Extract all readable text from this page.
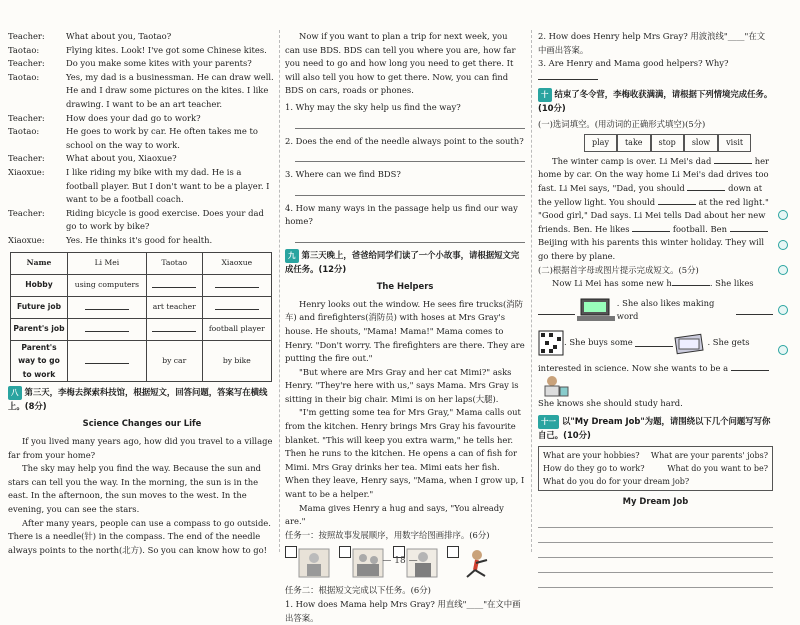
Teacher:	What about you, Taotao?

Taotao:	Flying kites. Look! I've got some Chinese kites.

Teacher:	Do you make some kites with your parents?

Taotao:	Yes, my dad is a businessman. He can draw well. He and I draw some pictures on the kites. I like drawing. I want to be an art teacher.

Teacher:	How does your dad go to work?

Taotao:	He goes to work by car. He often takes me to school on the way to work.

Teacher:	What about you, Xiaoxue?

Xiaoxue:	I like riding my bike with my dad. He is a football player. But I don't want to be a player. I want to be a football coach.

Teacher:	Riding bicycle is good exercise. Does your dad go to work by bike?

Xiaoxue:	Yes. He thinks it's good for health.

Name	Li Mei	Taotao	Xiaoxue
Hobby	using computers		
Future job		art teacher	
Parent's job			football player
Parent's way to go to work		by car	by bike

八 第三天，李梅去探索科技馆，根据短文，回答问题，答案写在横线上。(8分)

Science Changes our Life

If you lived many years ago, how did you travel to a village far from your home?

The sky may help you find the way. Because the sun and stars can tell you the way. In the morning, the sun is in the east. In the afternoon, the sun moves to the west. In the evening, you can see the stars.

After many years, people can use a compass to go outside. There is a needle(针) in the compass. The end of the needle always points to the north(北方). So you can know how to go!

Now if you want to plan a trip for next week, you can use BDS. BDS can tell you where you are, how far you need to go and how long you need to get there. It will also tell you how to get there. Now, you can find BDS on cars, roads or phones.

1. Why may the sky help us find the way?

2. Does the end of the needle always point to the south?

3. Where can we find BDS?

4. How many ways in the passage help us find our way home?

九 第三天晚上，爸爸给同学们读了一个小故事，请根据短文完成任务。(12分)

The Helpers

Henry looks out the window. He sees fire trucks(消防车) and firefighters(消防员) with hoses at Mrs Gray's house. He shouts, "Mama! Mama!" Mama comes to Henry. "Don't worry. The firefighters are there. They are putting the fire out."

"But where are Mrs Gray and her cat Mimi?" asks Henry. "They're here with us," says Mama. Mrs Gray is sitting in their big chair. Mimi is on her laps(大腿).

"I'm getting some tea for Mrs Gray," Mama calls out from the kitchen. Henry brings Mrs Gray his favourite blanket. "This will keep you extra warm," he tells her. Then he runs to the kitchen. He opens a can of fish for Mimi. Mrs Gray drinks her tea. Mimi eats her fish. When they leave, Henry says, "Mama, when I grow up, I want to be a helper."

Mama gives Henry a hug and says, "You already are."

任务一：按照故事发展顺序，用数字给图画排序。(6分)

任务二：根据短文完成以下任务。(6分)

1. How does Mama help Mrs Gray? 用直线"____"在文中画出答案。

2. How does Henry help Mrs Gray? 用波浪线"____"在文中画出答案。

3. Are Henry and Mama good helpers? Why?

十 结束了冬令营，李梅收获满满，请根据下列情境完成任务。(10分)

(一)选词填空。(用动词的正确形式填空)(5分)

play	take	stop	slow	visit

The winter camp is over. Li Mei's dad	her home by car. On the way home Li Mei's dad drives too fast. Li Mei says, "Dad, you should	down at the yellow light. You should	at the red light." "Good girl," Dad says. Li Mei tells Dad about her new friends. Ben. He likes	football. Ben  Beijing with his parents this winter holiday. They will go there by plane.

(二)根据首字母或图片提示完成短文。(5分)

Now Li Mei has some new h	. She likes

. She also likes making word

. She buys some
	. She gets

interested in science. Now she wants to be a

She knows she should study hard.

十一 以"My Dream Job"为题，请围绕以下几个问题写写你自己。(10分)

What are your hobbies? What are your parents' jobs?
How do they go to work?	What do you want to be?
What do you do for your dream job?

My Dream Job

— 18 —
